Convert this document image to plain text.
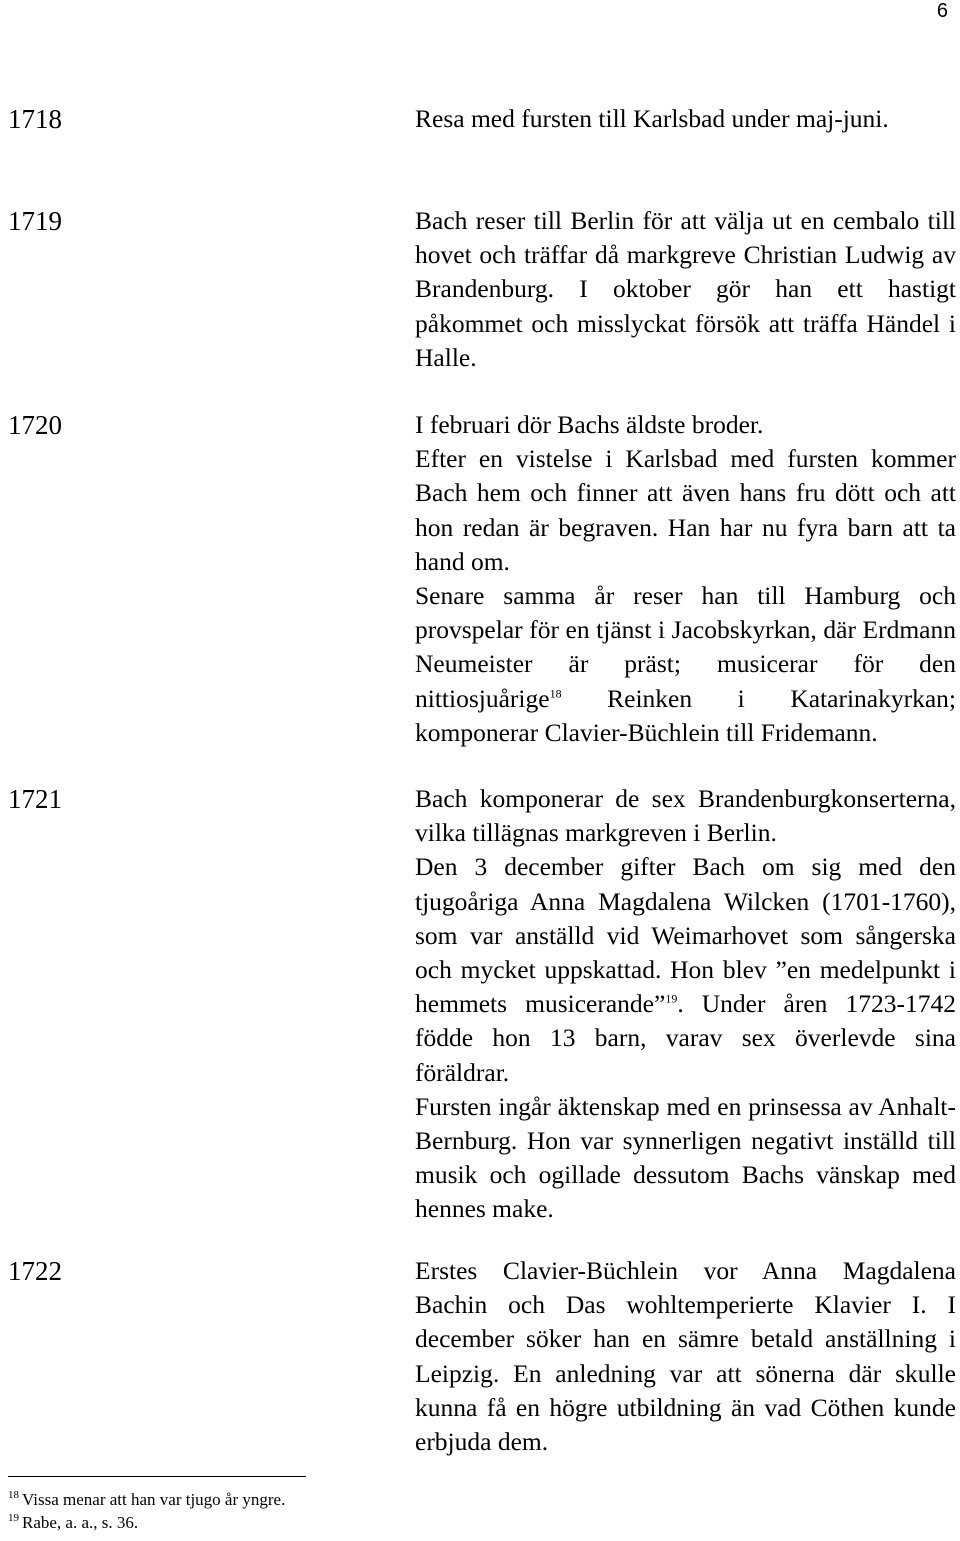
6
1718	Resa med fursten till Karlsbad under maj-juni.

1719	Bach reser till Berlin för att välja ut en cembalo till hovet och träffar då markgreve Christian Ludwig av Brandenburg. I oktober gör han ett hastigt påkommet och misslyckat försök att träffa Händel i Halle.

1720	I februari dör Bachs äldste broder.

Efter en vistelse i Karlsbad med fursten kommer Bach hem och finner att även hans fru dött och att hon redan är begraven. Han har nu fyra barn att ta hand om.

Senare samma år reser han till Hamburg och provspelar för en tjänst i Jacobskyrkan, där Erdmann Neumeister är präst; musicerar för den nittiosjuårige$^{18}$ Reinken i Katarinakyrkan; komponerar Clavier-Büchlein till Fridemann.

1721	Bach komponerar de sex Brandenburgkonserterna, vilka tillägnas markgreven i Berlin.

Den 3 december gifter Bach om sig med den tjugoåriga Anna Magdalena Wilcken (1701-1760), som var anställd vid Weimarhovet som sångerska och mycket uppskattad. Hon blev ”en medelpunkt i hemmets musicerande”$^{19}$. Under åren 1723-1742 födde hon 13 barn, varav sex överlevde sina föräldrar.

Fursten ingår äktenskap med en prinsessa av Anhalt-Bernburg. Hon var synnerligen negativt inställd till musik och ogillade dessutom Bachs vänskap med hennes make.

1722	Erstes Clavier-Büchlein vor Anna Magdalena Bachin och Das wohltemperierte Klavier I. I december söker han en sämre betald anställning i Leipzig. En anledning var att sönerna där skulle kunna få en högre utbildning än vad Cöthen kunde erbjuda dem.

$^{18}$ Vissa menar att han var tjugo år yngre.
$^{19}$ Rabe, a. a., s. 36.
